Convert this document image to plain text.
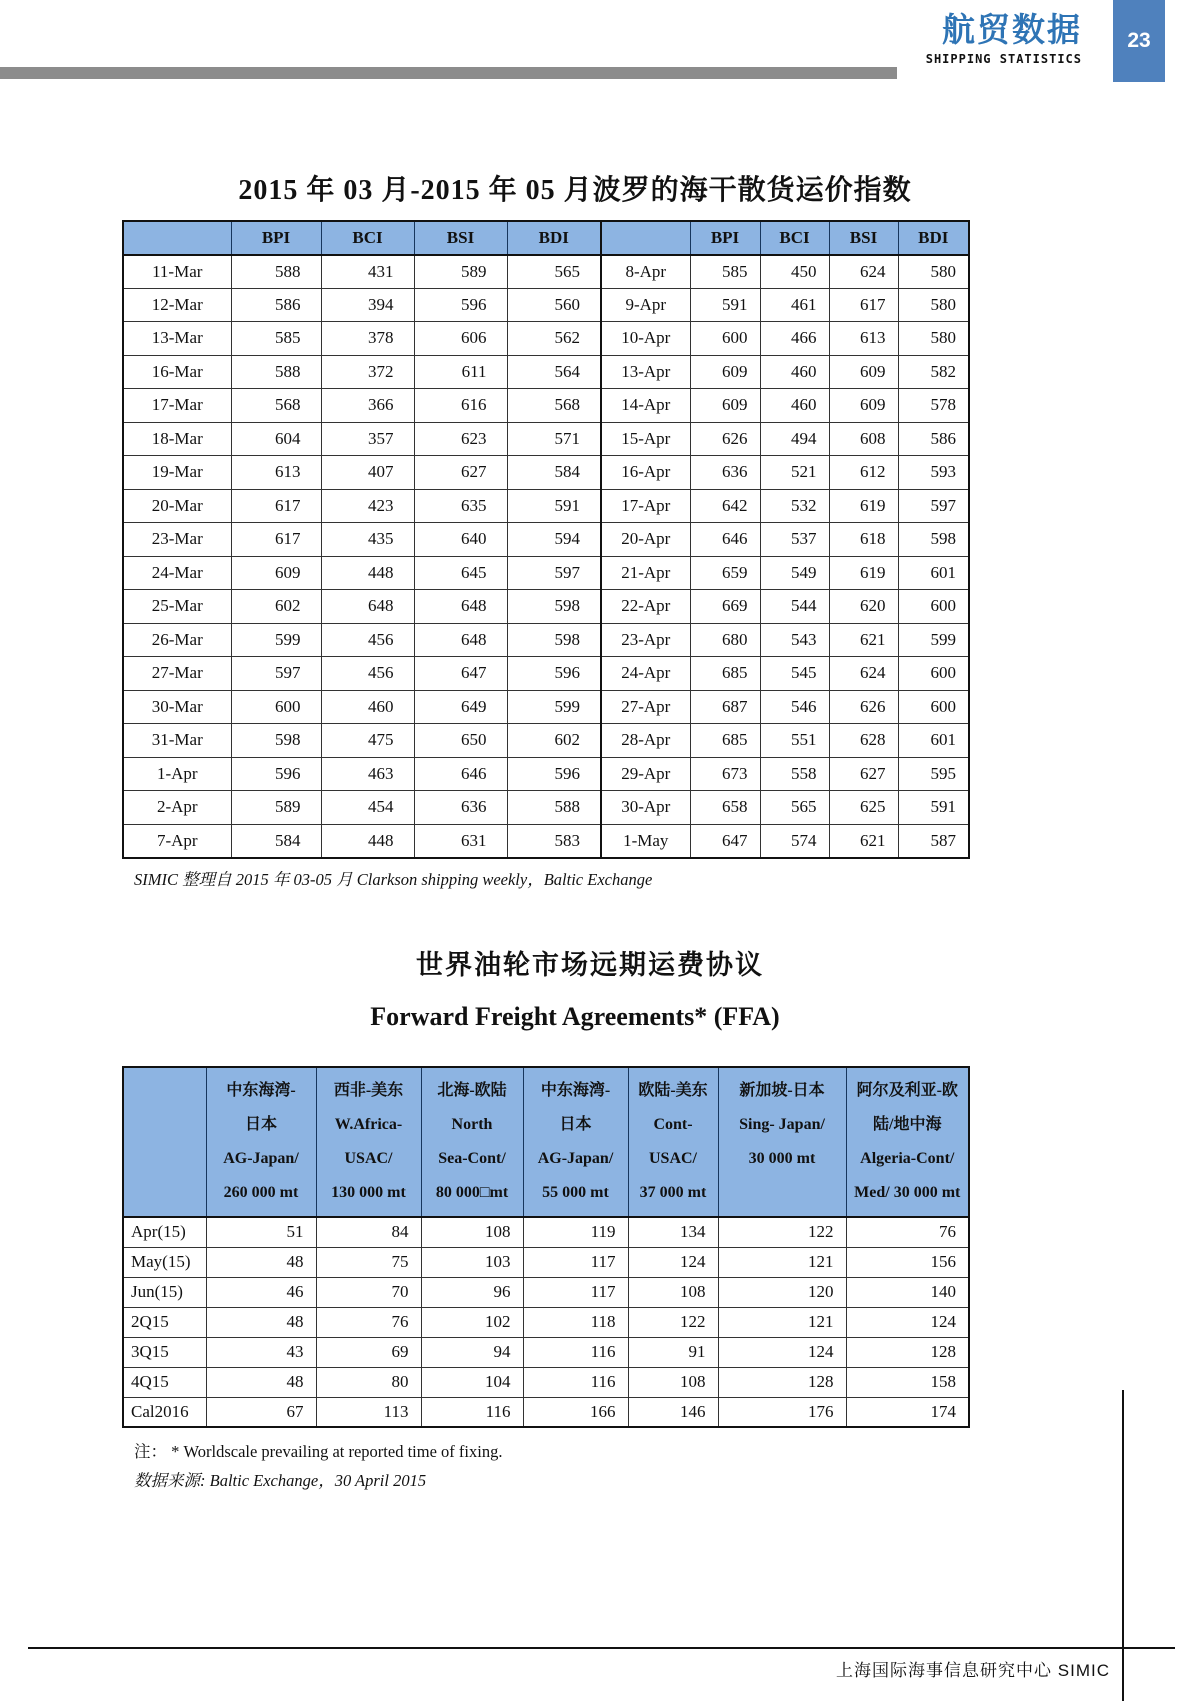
航贸数据
SHIPPING STATISTICS
23
2015 年 03 月-2015 年 05 月波罗的海干散货运价指数
	BPI	BCI	BSI	BDI		BPI	BCI	BSI	BDI
11-Mar	588	431	589	565	8-Apr	585	450	624	580
12-Mar	586	394	596	560	9-Apr	591	461	617	580
13-Mar	585	378	606	562	10-Apr	600	466	613	580
16-Mar	588	372	611	564	13-Apr	609	460	609	582
17-Mar	568	366	616	568	14-Apr	609	460	609	578
18-Mar	604	357	623	571	15-Apr	626	494	608	586
19-Mar	613	407	627	584	16-Apr	636	521	612	593
20-Mar	617	423	635	591	17-Apr	642	532	619	597
23-Mar	617	435	640	594	20-Apr	646	537	618	598
24-Mar	609	448	645	597	21-Apr	659	549	619	601
25-Mar	602	648	648	598	22-Apr	669	544	620	600
26-Mar	599	456	648	598	23-Apr	680	543	621	599
27-Mar	597	456	647	596	24-Apr	685	545	624	600
30-Mar	600	460	649	599	27-Apr	687	546	626	600
31-Mar	598	475	650	602	28-Apr	685	551	628	601
1-Apr	596	463	646	596	29-Apr	673	558	627	595
2-Apr	589	454	636	588	30-Apr	658	565	625	591
7-Apr	584	448	631	583	1-May	647	574	621	587
SIMIC 整理自 2015 年 03-05 月 Clarkson shipping weekly，Baltic Exchange
世界油轮市场远期运费协议
Forward Freight Agreements* (FFA)

中东海湾-
日本
AG-Japan/
260 000 mt

西非-美东
W.Africa-
USAC/
130 000 mt

北海-欧陆
North
Sea-Cont/
80 000□mt

中东海湾-
日本
AG-Japan/
55 000 mt

欧陆-美东
Cont-
USAC/
37 000 mt

新加坡-日本
Sing- Japan/
30 000 mt

阿尔及利亚-欧
陆/地中海
Algeria-Cont/
Med/ 30 000 mt

Apr(15)	51	84	108	119	134	122	76
May(15)	48	75	103	117	124	121	156
Jun(15)	46	70	96	117	108	120	140
2Q15	48	76	102	118	122	121	124
3Q15	43	69	94	116	91	124	128
4Q15	48	80	104	116	108	128	158
Cal2016	67	113	116	166	146	176	174
注： * Worldscale prevailing at reported time of fixing.
数据来源: Baltic Exchange，30 April 2015
上海国际海事信息研究中心 SIMIC
